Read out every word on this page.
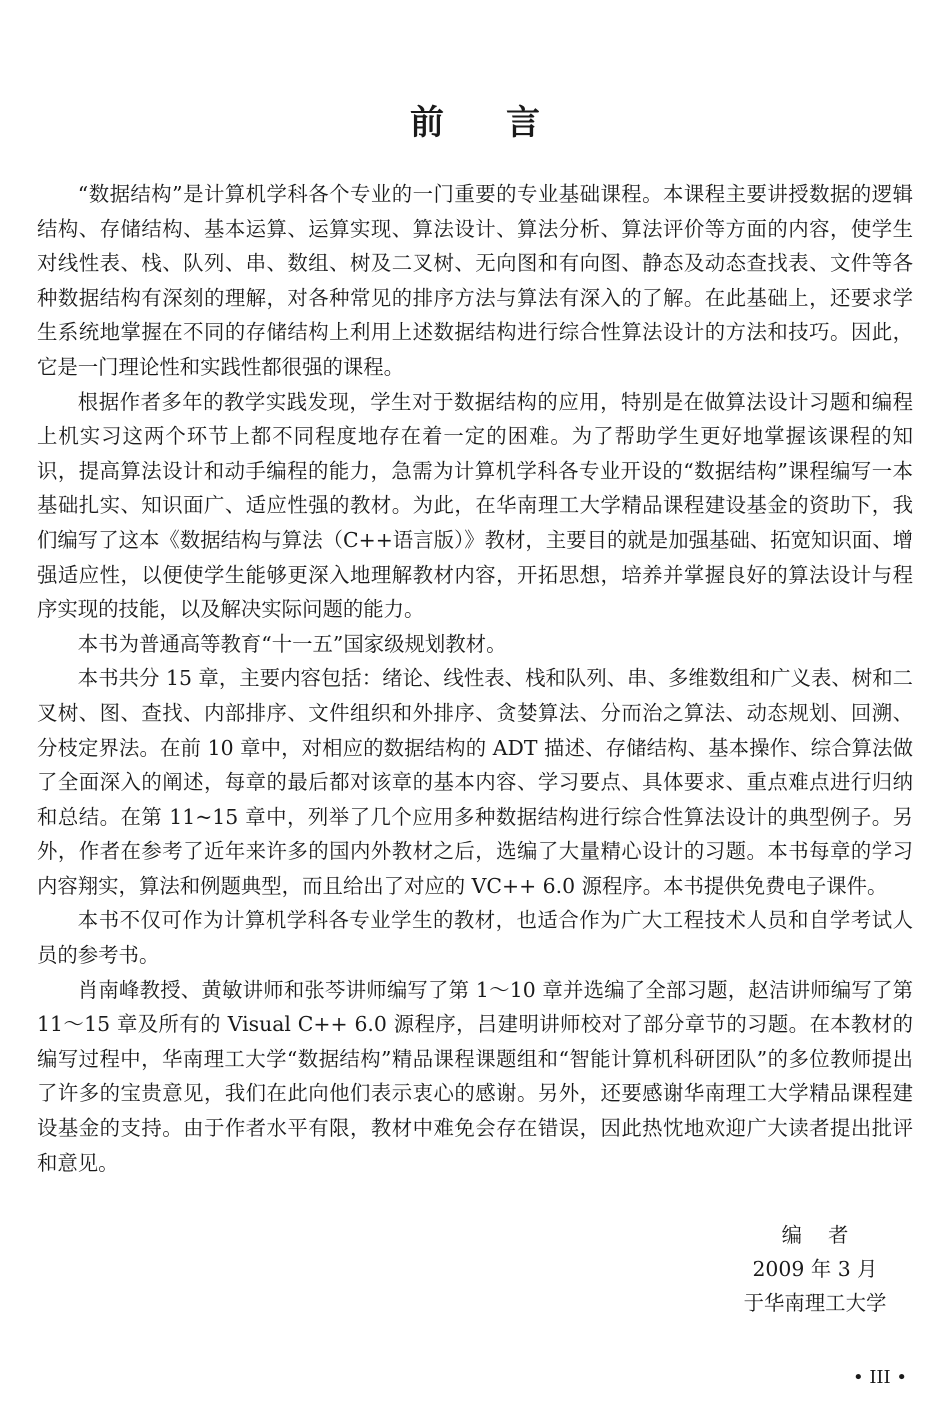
前言

“数据结构”是计算机学科各个专业的一门重要的专业基础课程。本课程主要讲授数据的逻辑结构、存储结构、基本运算、运算实现、算法设计、算法分析、算法评价等方面的内容，使学生对线性表、栈、队列、串、数组、树及二叉树、无向图和有向图、静态及动态查找表、文件等各种数据结构有深刻的理解，对各种常见的排序方法与算法有深入的了解。在此基础上，还要求学生系统地掌握在不同的存储结构上利用上述数据结构进行综合性算法设计的方法和技巧。因此，它是一门理论性和实践性都很强的课程。

根据作者多年的教学实践发现，学生对于数据结构的应用，特别是在做算法设计习题和编程上机实习这两个环节上都不同程度地存在着一定的困难。为了帮助学生更好地掌握该课程的知识，提高算法设计和动手编程的能力，急需为计算机学科各专业开设的“数据结构”课程编写一本基础扎实、知识面广、适应性强的教材。为此，在华南理工大学精品课程建设基金的资助下，我们编写了这本《数据结构与算法（C++语言版）》教材，主要目的就是加强基础、拓宽知识面、增强适应性，以便使学生能够更深入地理解教材内容，开拓思想，培养并掌握良好的算法设计与程序实现的技能，以及解决实际问题的能力。

本书为普通高等教育“十一五”国家级规划教材。

本书共分 15 章，主要内容包括：绪论、线性表、栈和队列、串、多维数组和广义表、树和二叉树、图、查找、内部排序、文件组织和外排序、贪婪算法、分而治之算法、动态规划、回溯、分枝定界法。在前 10 章中，对相应的数据结构的 ADT 描述、存储结构、基本操作、综合算法做了全面深入的阐述，每章的最后都对该章的基本内容、学习要点、具体要求、重点难点进行归纳和总结。在第 11~15 章中，列举了几个应用多种数据结构进行综合性算法设计的典型例子。另外，作者在参考了近年来许多的国内外教材之后，选编了大量精心设计的习题。本书每章的学习内容翔实，算法和例题典型，而且给出了对应的 VC++ 6.0 源程序。本书提供免费电子课件。

本书不仅可作为计算机学科各专业学生的教材，也适合作为广大工程技术人员和自学考试人员的参考书。

肖南峰教授、黄敏讲师和张芩讲师编写了第 1～10 章并选编了全部习题，赵洁讲师编写了第 11～15 章及所有的 Visual C++ 6.0 源程序，吕建明讲师校对了部分章节的习题。在本教材的编写过程中，华南理工大学“数据结构”精品课程课题组和“智能计算机科研团队”的多位教师提出了许多的宝贵意见，我们在此向他们表示衷心的感谢。另外，还要感谢华南理工大学精品课程建设基金的支持。由于作者水平有限，教材中难免会存在错误，因此热忱地欢迎广大读者提出批评和意见。

编者
2009 年 3 月
于华南理工大学
• III •
